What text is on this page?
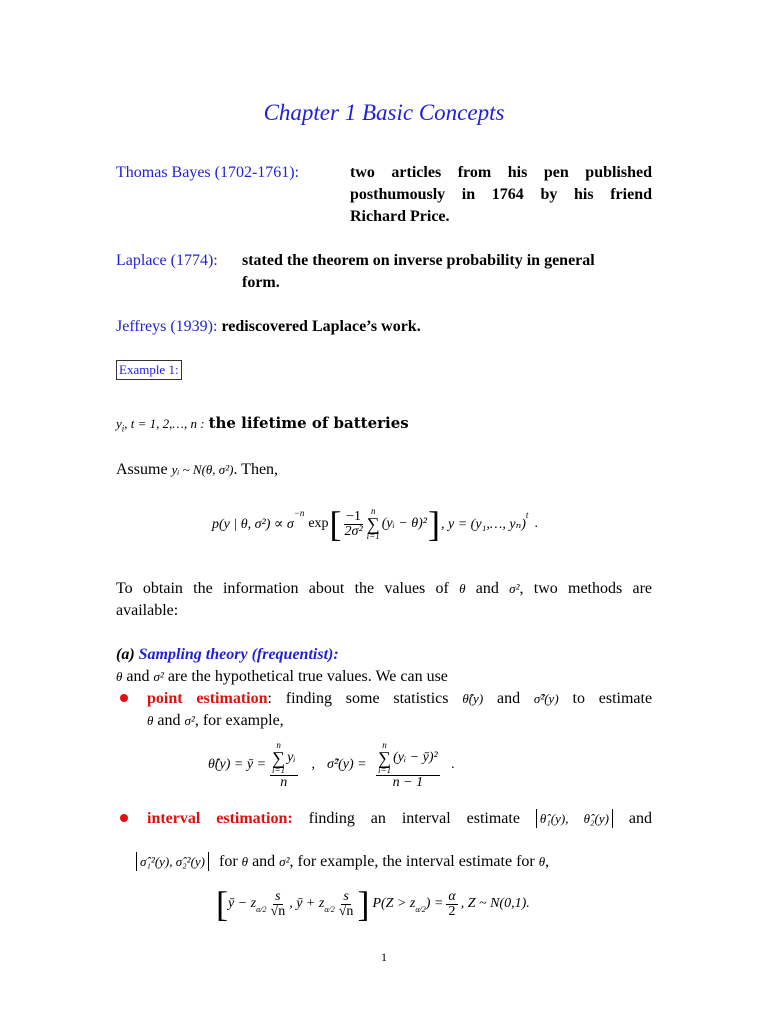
Chapter 1 Basic Concepts
Thomas Bayes (1702-1761):	two articles from his pen published
posthumously in 1764 by his friend
Richard Price.
Laplace (1774): stated the theorem on inverse probability in general
form.
Jeffreys (1939): rediscovered Laplace’s work.
Example 1:
$y_i$, t = 1, 2,…, n : the lifetime of batteries
Assume yᵢ ~ N(θ, σ²). Then,
p(y | θ, σ²) ∝ σ
$^{-n}$
exp [ $\frac{-1}{\text{2σ²}}$ n
∑
i=1
(yᵢ − θ)² ] , y = (y₁,…, yₙ)
$^t$
.
To obtain the information about the values of θ and σ², two methods are
available:
(a) Sampling theory (frequentist):
θ and σ² are the hypothetical true values. We can use
point estimation: finding some statistics θ̂(y) and σ̂²(y) to estimate
θ and σ², for example,
θ̂(y) = ȳ = n
∑
i=1
yᵢ
n , σ̂²(y) = n
∑
i=1
(yᵢ − ȳ)²
n − 1 .
interval estimation: finding an interval estimate θ̂₁(y), θ̂₂(y) and
σ̂₁²(y), σ̂₂²(y) for θ and σ², for example, the interval estimate for θ,
[ ȳ − $z_{\alpha/2} \frac{s}{√n}$ , ȳ + $z_{\alpha/2} \frac{s}{√n}$ ] $P(Z > z_{\alpha/2}$ ) = $\frac{\alpha}{2}$ , Z ~ N(0,1).
1
